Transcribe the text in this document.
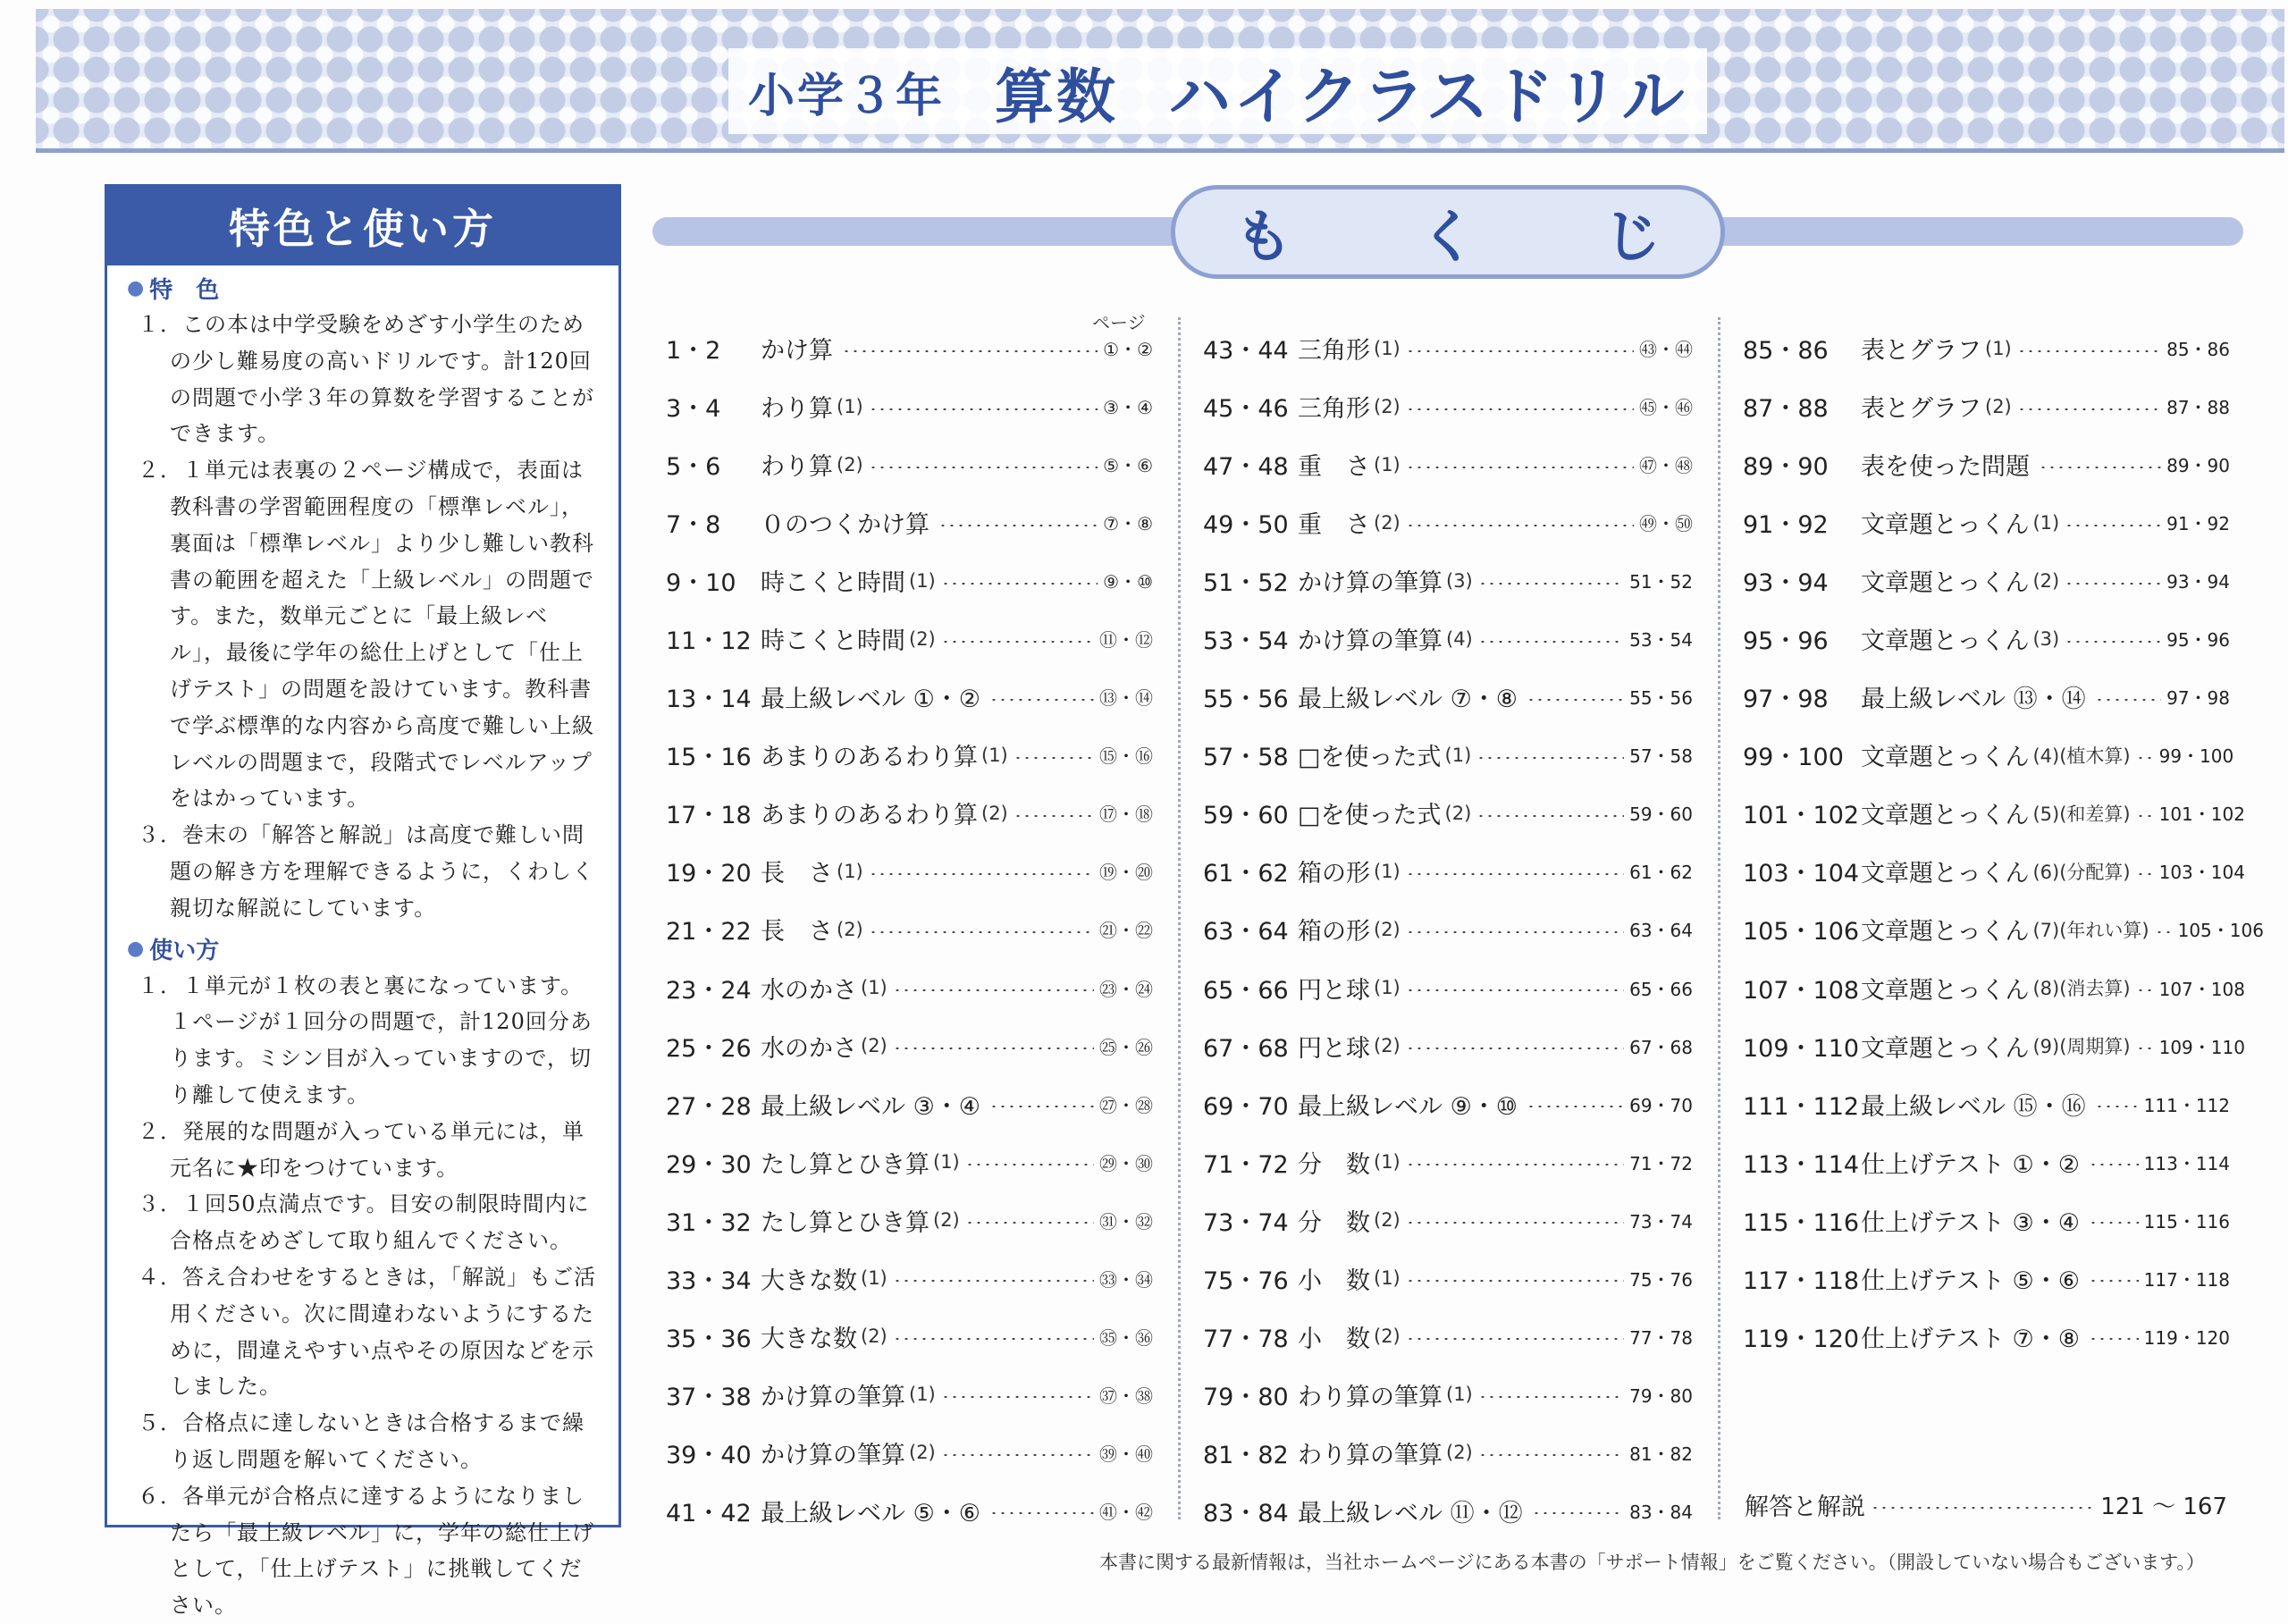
小学３年 算数 ハイクラスドリル
特色と使い方
● 特　色
１．この本は中学受験をめざす小学生のための少し難易度の高いドリルです。計120回の問題で小学３年の算数を学習することができます。
２．１単元は表裏の２ページ構成で，表面は教科書の学習範囲程度の「標準レベル」，裏面は「標準レベル」より少し難しい教科書の範囲を超えた「上級レベル」の問題です。また，数単元ごとに「最上級レベル」，最後に学年の総仕上げとして「仕上げテスト」の問題を設けています。教科書で学ぶ標準的な内容から高度で難しい上級レベルの問題まで，段階式でレベルアップをはかっています。
３．巻末の「解答と解説」は高度で難しい問題の解き方を理解できるように，くわしく親切な解説にしています。
● 使い方
１．１単元が１枚の表と裏になっています。１ページが１回分の問題で，計120回分あります。ミシン目が入っていますので，切り離して使えます。
２．発展的な問題が入っている単元には，単元名に★印をつけています。
３．１回50点満点です。目安の制限時間内に合格点をめざして取り組んでください。
４．答え合わせをするときは，「解説」もご活用ください。次に間違わないようにするために，間違えやすい点やその原因などを示しました。
５．合格点に達しないときは合格するまで繰り返し問題を解いてください。
６．各単元が合格点に達するようになりましたら「最上級レベル」に，学年の総仕上げとして，「仕上げテスト」に挑戦してください。
も く じ
ページ
1・2	かけ算	①・②
3・4	わり算 (1)	③・④
5・6	わり算 (2)	⑤・⑥
7・8	０のつくかけ算	⑦・⑧
9・10 時こくと時間 (1)	⑨・⑩
11・12 時こくと時間 (2)	⑪・⑫
13・14 最上級レベル ①・②	⑬・⑭
15・16 あまりのあるわり算 (1)	⑮・⑯
17・18 あまりのあるわり算 (2)	⑰・⑱
19・20 長　さ (1)	⑲・⑳
21・22 長　さ (2)	㉑・㉒
23・24 水のかさ (1)	㉓・㉔
25・26 水のかさ (2)	㉕・㉖
27・28 最上級レベル ③・④	㉗・㉘
29・30 たし算とひき算 (1)	㉙・㉚
31・32 たし算とひき算 (2)	㉛・㉜
33・34 大きな数 (1)	㉝・㉞
35・36 大きな数 (2)	㉟・㊱
37・38 かけ算の筆算 (1)	㊲・㊳
39・40 かけ算の筆算 (2)	㊴・㊵
41・42 最上級レベル ⑤・⑥	㊶・㊷
43・44 三角形 (1)	㊸・㊹
45・46 三角形 (2)	㊺・㊻
47・48 重　さ (1)	㊼・㊽
49・50 重　さ (2)	㊾・㊿
51・52 かけ算の筆算 (3)	51・52
53・54 かけ算の筆算 (4)	53・54
55・56 最上級レベル ⑦・⑧	55・56
57・58 □を使った式 (1)	57・58
59・60 □を使った式 (2)	59・60
61・62 箱の形 (1)	61・62
63・64 箱の形 (2)	63・64
65・66 円と球 (1)	65・66
67・68 円と球 (2)	67・68
69・70 最上級レベル ⑨・⑩	69・70
71・72 分　数 (1)	71・72
73・74 分　数 (2)	73・74
75・76 小　数 (1)	75・76
77・78 小　数 (2)	77・78
79・80 わり算の筆算 (1)	79・80
81・82 わり算の筆算 (2)	81・82
83・84 最上級レベル ⑪・⑫	83・84
85・86	表とグラフ (1)	85・86
87・88	表とグラフ (2)	87・88
89・90	表を使った問題	89・90
91・92	文章題とっくん (1)	91・92
93・94	文章題とっくん (2)	93・94
95・96	文章題とっくん (3)	95・96
97・98	最上級レベル ⑬・⑭	97・98
99・100 文章題とっくん (4)(植木算) 99・100
101・102 文章題とっくん (5)(和差算) 101・102
103・104 文章題とっくん (6)(分配算) 103・104
105・106 文章題とっくん (7)(年れい算) 105・106
107・108 文章題とっくん (8)(消去算) 107・108
109・110 文章題とっくん (9)(周期算) 109・110
111・112 最上級レベル ⑮・⑯	111・112
113・114 仕上げテスト ①・②	113・114
115・116 仕上げテスト ③・④	115・116
117・118 仕上げテスト ⑤・⑥	117・118
119・120 仕上げテスト ⑦・⑧	119・120
解答と解説	121 ～ 167
本書に関する最新情報は，当社ホームページにある本書の「サポート情報」をご覧ください。（開設していない場合もございます。）
